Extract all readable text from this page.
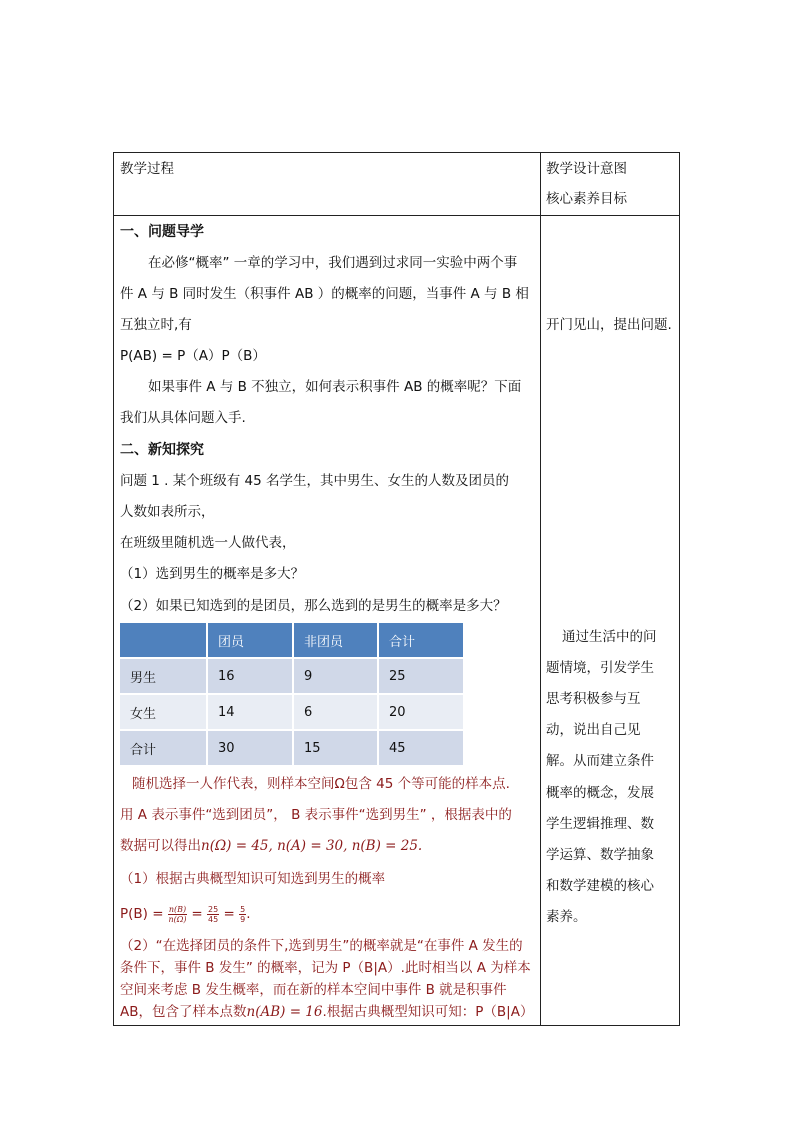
教学过程	教学设计意图
核心素养目标
一、问题导学
在必修“概率” 一章的学习中，我们遇到过求同一实验中两个事
件 A 与 B 同时发生（积事件 AB ）的概率的问题，当事件 A 与 B 相
互独立时,有
P(AB) = P（A）P（B）
如果事件 A 与 B 不独立，如何表示积事件 AB 的概率呢？下面
我们从具体问题入手.
开门见山，提出问题.
二、新知探究
问题 1 . 某个班级有 45 名学生，其中男生、女生的人数及团员的
人数如表所示，
在班级里随机选一人做代表，
（1）选到男生的概率是多大？
（2）如果已知选到的是团员，那么选到的是男生的概率是多大？
	团员	非团员	合计
男生	16	9	25
女生	14	6	20
合计	30	15	45
随机选择一人作代表，则样本空间Ω包含 45 个等可能的样本点.
用 A 表示事件“选到团员”， B 表示事件“选到男生” ，根据表中的
数据可以得出n(Ω) = 45, n(A) = 30, n(B) = 25.
（1）根据古典概型知识可知选到男生的概率
$P(B) = \frac{n(B)}{n(\Omega)} = \frac{25}{45} = \frac{5}{9}$ .
（2）“在选择团员的条件下,选到男生”的概率就是“在事件 A 发生的
条件下，事件 B 发生” 的概率，记为 P（B|A）.此时相当以 A 为样本
空间来考虑 B 发生概率，而在新的样本空间中事件 B 就是积事件
AB，包含了样本点数n(AB) = 16.根据古典概型知识可知：P（B|A）
通过生活中的问
题情境，引发学生
思考积极参与互
动，说出自己见
解。从而建立条件
概率的概念，发展
学生逻辑推理、数
学运算、数学抽象
和数学建模的核心
素养。
